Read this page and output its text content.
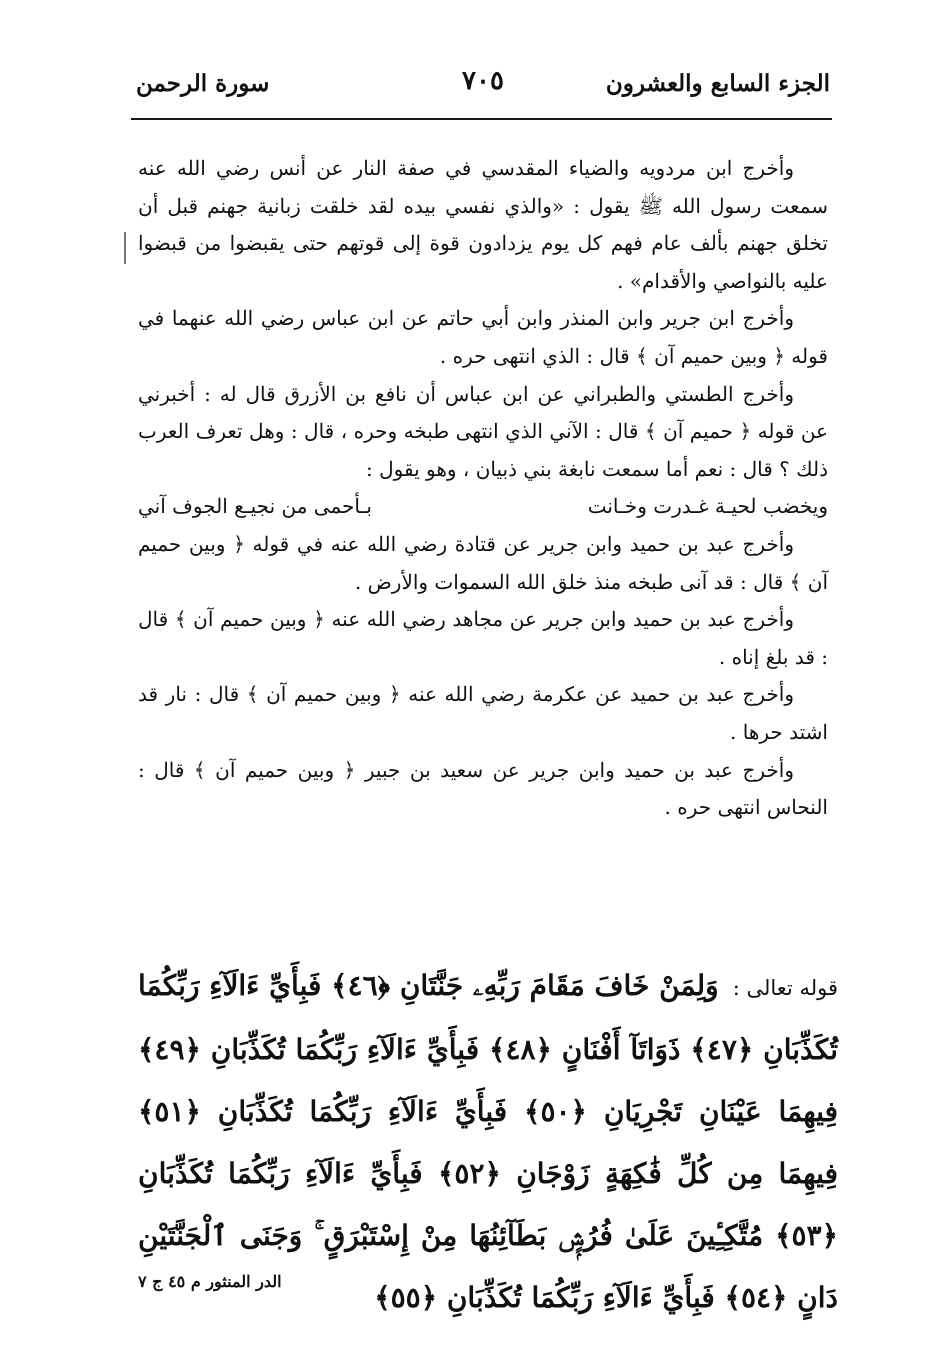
الجزء السابع والعشرون
٧٠٥
سورة الرحمن

وأخرج ابن مردويه والضياء المقدسي في صفة النار عن أنس رضي الله عنه سمعت رسول الله ﷺ يقول : «والذي نفسي بيده لقد خلقت زبانية جهنم قبل أن تخلق جهنم بألف عام فهم كل يوم يزدادون قوة إلى قوتهم حتى يقبضوا من قبضوا عليه بالنواصي والأقدام» .

وأخرج ابن جرير وابن المنذر وابن أبي حاتم عن ابن عباس رضي الله عنهما في قوله ﴿ وبين حميم آن ﴾ قال : الذي انتهى حره .

وأخرج الطستي والطبراني عن ابن عباس أن نافع بن الأزرق قال له : أخبرني عن قوله ﴿ حميم آن ﴾ قال : الآني الذي انتهى طبخه وحره ، قال : وهل تعرف العرب ذلك ؟ قال : نعم أما سمعت نابغة بني ذبيان ، وهو يقول :

ويخضب لحيـة غـدرت وخـانت
بـأحمى من نجيـع الجوف آني

وأخرج عبد بن حميد وابن جرير عن قتادة رضي الله عنه في قوله ﴿ وبين حميم آن ﴾ قال : قد آنى طبخه منذ خلق الله السموات والأرض .

وأخرج عبد بن حميد وابن جرير عن مجاهد رضي الله عنه ﴿ وبين حميم آن ﴾ قال : قد بلغ إناه .

وأخرج عبد بن حميد عن عكرمة رضي الله عنه ﴿ وبين حميم آن ﴾ قال : نار قد اشتد حرها .

وأخرج عبد بن حميد وابن جرير عن سعيد بن جبير ﴿ وبين حميم آن ﴾ قال : النحاس انتهى حره .

قوله تعالى :وَلِمَنْ خَافَ مَقَامَ رَبِّهِۦ جَنَّتَانِ ﴿٤٦﴾ فَبِأَيِّ ءَالَآءِ رَبِّكُمَا تُكَذِّبَانِ ﴿٤٧﴾ ذَوَاتَآ أَفْنَانٍ ﴿٤٨﴾ فَبِأَيِّ ءَالَآءِ رَبِّكُمَا تُكَذِّبَانِ ﴿٤٩﴾ فِيهِمَا عَيْنَانِ تَجْرِيَانِ ﴿٥٠﴾ فَبِأَيِّ ءَالَآءِ رَبِّكُمَا تُكَذِّبَانِ ﴿٥١﴾ فِيهِمَا مِن كُلِّ فَٰكِهَةٍ زَوْجَانِ ﴿٥٢﴾ فَبِأَيِّ ءَالَآءِ رَبِّكُمَا تُكَذِّبَانِ ﴿٥٣﴾ مُتَّكِـِٔينَ عَلَىٰ فُرُشٍۭ بَطَآئِنُهَا مِنْ إِسْتَبْرَقٍ ۚ وَجَنَى ٱلْجَنَّتَيْنِ دَانٍ ﴿٥٤﴾ فَبِأَيِّ ءَالَآءِ رَبِّكُمَا تُكَذِّبَانِ ﴿٥٥﴾

الدر المنثور م ٤٥ ج ٧
